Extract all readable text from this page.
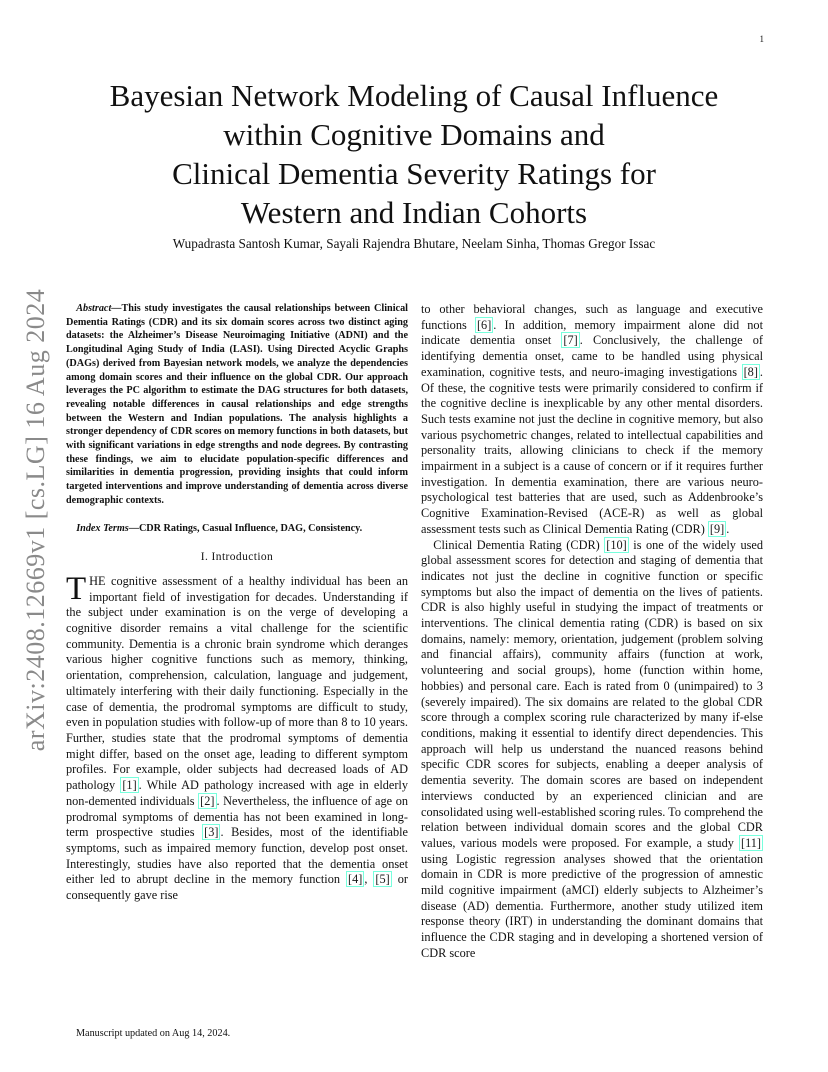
1
arXiv:2408.12669v1 [cs.LG] 16 Aug 2024
Bayesian Network Modeling of Causal Influence
within Cognitive Domains and
Clinical Dementia Severity Ratings for
Western and Indian Cohorts
Wupadrasta Santosh Kumar, Sayali Rajendra Bhutare, Neelam Sinha, Thomas Gregor Issac

Abstract—This study investigates the causal relationships between Clinical Dementia Ratings (CDR) and its six domain scores across two distinct aging datasets: the Alzheimer’s Disease Neuroimaging Initiative (ADNI) and the Longitudinal Aging Study of India (LASI). Using Directed Acyclic Graphs (DAGs) derived from Bayesian network models, we analyze the dependencies among domain scores and their influence on the global CDR. Our approach leverages the PC algorithm to estimate the DAG structures for both datasets, revealing notable differences in causal relationships and edge strengths between the Western and Indian populations. The analysis highlights a stronger dependency of CDR scores on memory functions in both datasets, but with significant variations in edge strengths and node degrees. By contrasting these findings, we aim to elucidate population-specific differences and similarities in dementia progression, providing insights that could inform targeted interventions and improve understanding of dementia across diverse demographic contexts.

Index Terms—CDR Ratings, Casual Influence, DAG, Consistency.

I. Introduction

THE cognitive assessment of a healthy individual has been an important field of investigation for decades. Understanding if the subject under examination is on the verge of developing a cognitive disorder remains a vital challenge for the scientific community. Dementia is a chronic brain syndrome which deranges various higher cognitive functions such as memory, thinking, orientation, comprehension, calculation, language and judgement, ultimately interfering with their daily functioning. Especially in the case of dementia, the prodromal symptoms are difficult to study, even in population studies with follow-up of more than 8 to 10 years. Further, studies state that the prodromal symptoms of dementia might differ, based on the onset age, leading to different symptom profiles. For example, older subjects had decreased loads of AD pathology [1] . While AD pathology increased with age in elderly non-demented individuals [2] . Nevertheless, the influence of age on prodromal symptoms of dementia has not been examined in long-term prospective studies [3] . Besides, most of the identifiable symptoms, such as impaired memory function, develop post onset. Interestingly, studies have also reported that the dementia onset either led to abrupt decline in the memory function [4] , [5] or consequently gave rise

to other behavioral changes, such as language and executive functions [6] . In addition, memory impairment alone did not indicate dementia onset [7] . Conclusively, the challenge of identifying dementia onset, came to be handled using physical examination, cognitive tests, and neuro-imaging investigations [8] . Of these, the cognitive tests were primarily considered to confirm if the cognitive decline is inexplicable by any other mental disorders. Such tests examine not just the decline in cognitive memory, but also various psychometric changes, related to intellectual capabilities and personality traits, allowing clinicians to check if the memory impairment in a subject is a cause of concern or if it requires further investigation. In dementia examination, there are various neuro-psychological test batteries that are used, such as Addenbrooke’s Cognitive Examination-Revised (ACE-R) as well as global assessment tests such as Clinical Dementia Rating (CDR) [9] .

Clinical Dementia Rating (CDR) [10] is one of the widely used global assessment scores for detection and staging of dementia that indicates not just the decline in cognitive function or specific symptoms but also the impact of dementia on the lives of patients. CDR is also highly useful in studying the impact of treatments or interventions. The clinical dementia rating (CDR) is based on six domains, namely: memory, orientation, judgement (problem solving and financial affairs), community affairs (function at work, volunteering and social groups), home (function within home, hobbies) and personal care. Each is rated from 0 (unimpaired) to 3 (severely impaired). The six domains are related to the global CDR score through a complex scoring rule characterized by many if-else conditions, making it essential to identify direct dependencies. This approach will help us understand the nuanced reasons behind specific CDR scores for subjects, enabling a deeper analysis of dementia severity. The domain scores are based on independent interviews conducted by an experienced clinician and are consolidated using well-established scoring rules. To comprehend the relation between individual domain scores and the global CDR values, various models were proposed. For example, a study [11] using Logistic regression analyses showed that the orientation domain in CDR is more predictive of the progression of amnestic mild cognitive impairment (aMCI) elderly subjects to Alzheimer’s disease (AD) dementia. Furthermore, another study utilized item response theory (IRT) in understanding the dominant domains that influence the CDR staging and in developing a shortened version of CDR score

Manuscript updated on Aug 14, 2024.
